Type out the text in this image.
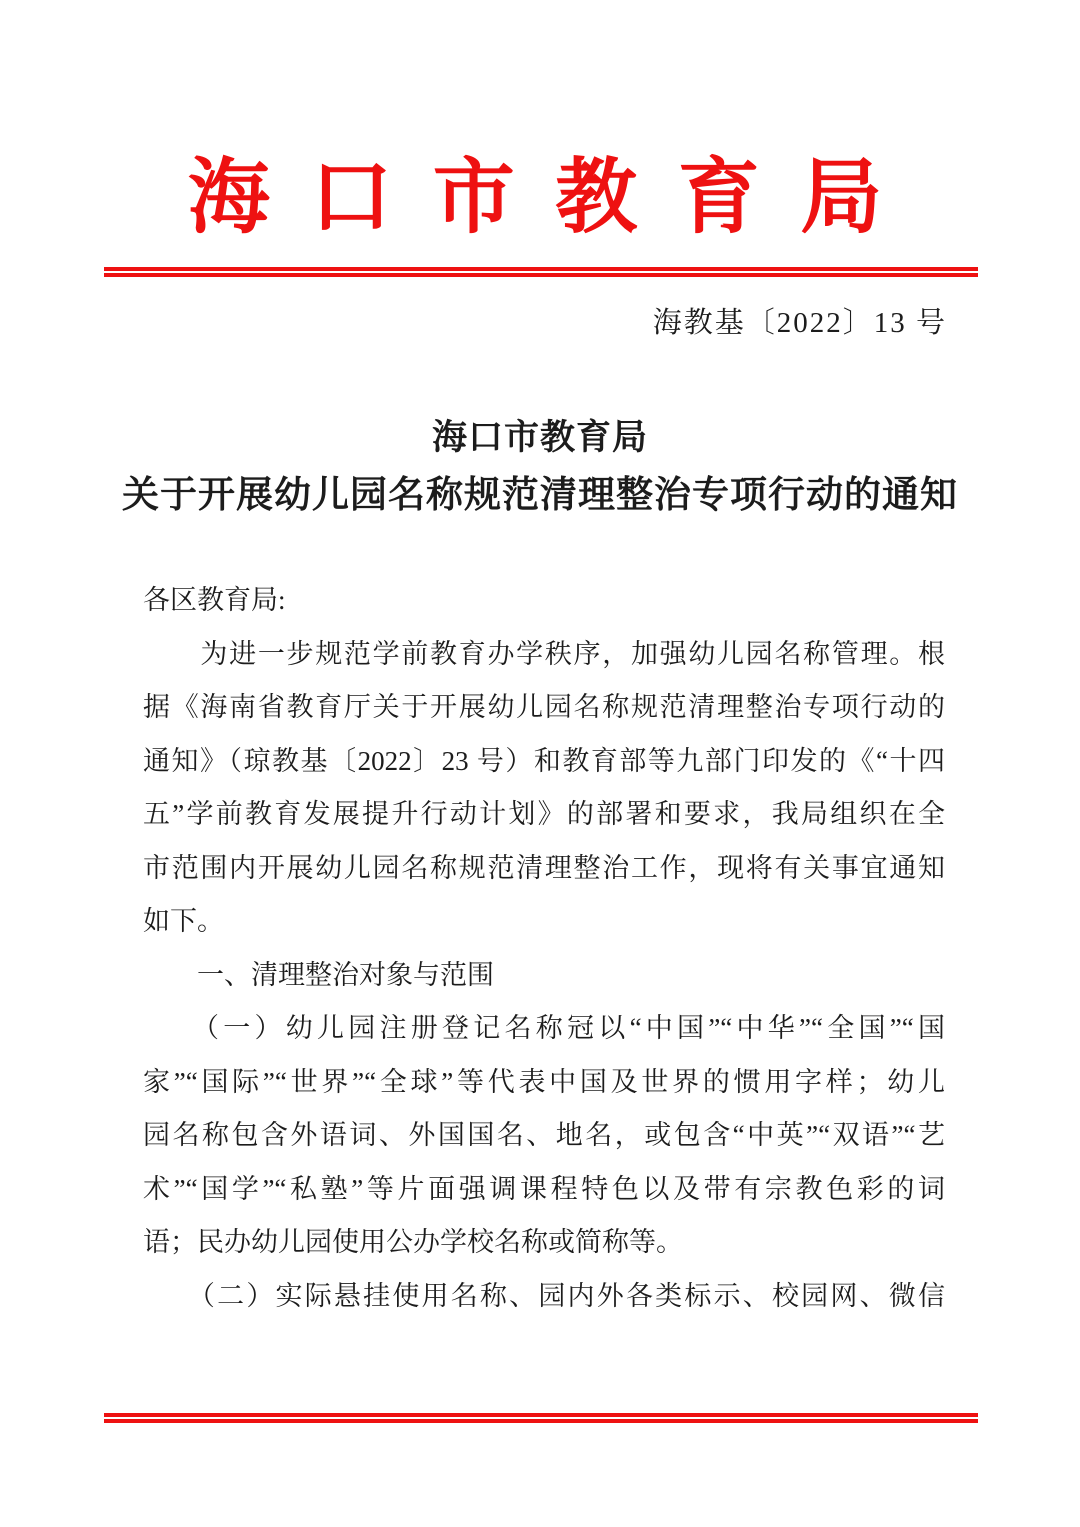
海 口 市 教 育 局
海教基〔2022〕13 号
海口市教育局
关于开展幼儿园名称规范清理整治专项行动的通知
各区教育局:
　　为进一步规范学前教育办学秩序，加强幼儿园名称管理。根
据《海南省教育厅关于开展幼儿园名称规范清理整治专项行动的
通知》（琼教基〔2022〕23 号）和教育部等九部门印发的《“十四
五”学前教育发展提升行动计划》的部署和要求，我局组织在全
市范围内开展幼儿园名称规范清理整治工作，现将有关事宜通知
如下。
　　一、清理整治对象与范围
　　（一）幼儿园注册登记名称冠以“中国”“中华”“全国”“国
家”“国际”“世界”“全球”等代表中国及世界的惯用字样；幼儿
园名称包含外语词、外国国名、地名，或包含“中英”“双语”“艺
术”“国学”“私塾”等片面强调课程特色以及带有宗教色彩的词
语；民办幼儿园使用公办学校名称或简称等。
　　（二）实际悬挂使用名称、园内外各类标示、校园网、微信
